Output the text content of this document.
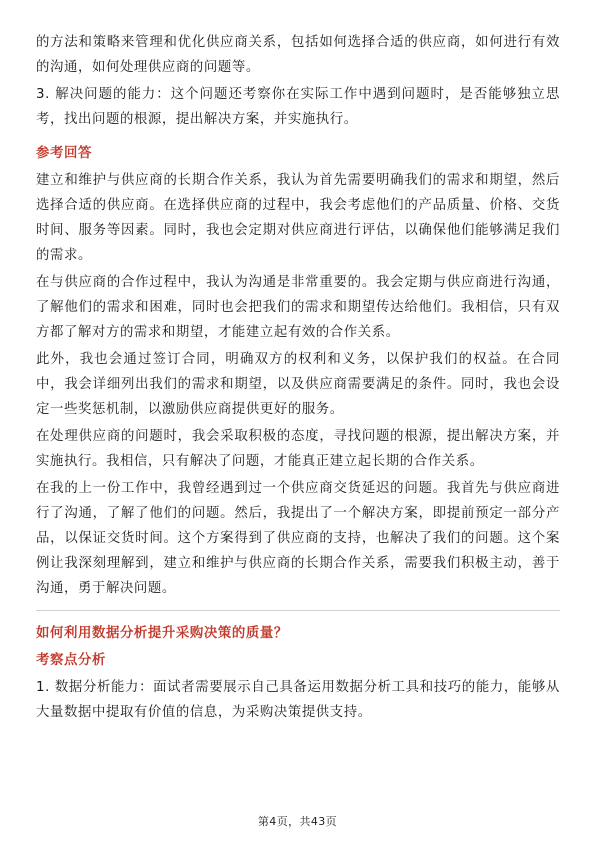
的方法和策略来管理和优化供应商关系，包括如何选择合适的供应商，如何进行有效的沟通，如何处理供应商的问题等。

3. 解决问题的能力：这个问题还考察你在实际工作中遇到问题时，是否能够独立思考，找出问题的根源，提出解决方案，并实施执行。

参考回答

建立和维护与供应商的长期合作关系，我认为首先需要明确我们的需求和期望，然后选择合适的供应商。在选择供应商的过程中，我会考虑他们的产品质量、价格、交货时间、服务等因素。同时，我也会定期对供应商进行评估，以确保他们能够满足我们的需求。

在与供应商的合作过程中，我认为沟通是非常重要的。我会定期与供应商进行沟通，了解他们的需求和困难，同时也会把我们的需求和期望传达给他们。我相信，只有双方都了解对方的需求和期望，才能建立起有效的合作关系。

此外，我也会通过签订合同，明确双方的权利和义务，以保护我们的权益。在合同中，我会详细列出我们的需求和期望，以及供应商需要满足的条件。同时，我也会设定一些奖惩机制，以激励供应商提供更好的服务。

在处理供应商的问题时，我会采取积极的态度，寻找问题的根源，提出解决方案，并实施执行。我相信，只有解决了问题，才能真正建立起长期的合作关系。

在我的上一份工作中，我曾经遇到过一个供应商交货延迟的问题。我首先与供应商进行了沟通，了解了他们的问题。然后，我提出了一个解决方案，即提前预定一部分产品，以保证交货时间。这个方案得到了供应商的支持，也解决了我们的问题。这个案例让我深刻理解到，建立和维护与供应商的长期合作关系，需要我们积极主动，善于沟通，勇于解决问题。

如何利用数据分析提升采购决策的质量？
考察点分析

1. 数据分析能力：面试者需要展示自己具备运用数据分析工具和技巧的能力，能够从大量数据中提取有价值的信息，为采购决策提供支持。

第4页，共43页
